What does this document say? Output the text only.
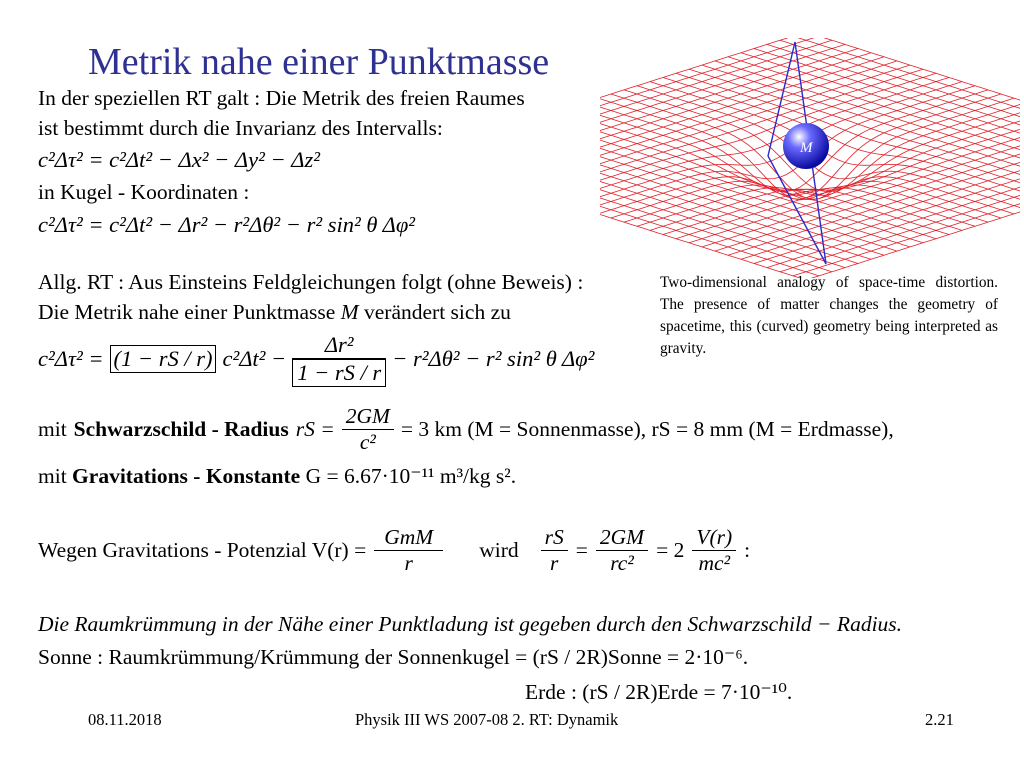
Metrik nahe einer Punktmasse
In der speziellen RT galt : Die Metrik des freien Raumes
ist bestimmt durch die Invarianz des Intervalls:
c²Δτ² = c²Δt² − Δx² − Δy² − Δz²
in Kugel - Koordinaten :
c²Δτ² = c²Δt² − Δr² − r²Δθ² − r² sin² θ Δφ²
Allg. RT : Aus Einsteins Feldgleichungen folgt (ohne Beweis) :
Die Metrik nahe einer Punktmasse M verändert sich zu
c²Δτ² = (1 − rS / r) $c^2\Delta t^2 - \frac{\text{Δr²}}{1 - rS / r} - r^2\Delta\theta^2 - r^2$ sin² θ Δφ²
mit Schwarzschild - Radius rS = $\frac{2GM}{\text{c²}} = 3$ km (M = Sonnenmasse), rS = 8 mm (M = Erdmasse),
mit Gravitations - Konstante G = 6.67·10⁻¹¹ m³/kg s².
Wegen Gravitations - Potenzial $V(r) = \frac{\text{GmM}}{r}$ wird $\frac{rS}{r} = \frac{2GM}{\text{rc²}} = 2 \frac{V(r)}{\text{mc²}}$ :
Die Raumkrümmung in der Nähe einer Punktladung ist gegeben durch den Schwarzschild − Radius.
Sonne : Raumkrümmung/Krümmung der Sonnenkugel = (rS / 2R)Sonne = 2·10⁻⁶.
Erde : (rS / 2R)Erde = 7·10⁻¹⁰.
M
Two-dimensional analogy of space-time distortion. The presence of matter changes the geometry of spacetime, this (curved) geometry being interpreted as gravity.
08.11.2018	Physik III WS 2007-08 2. RT: Dynamik	2.21
